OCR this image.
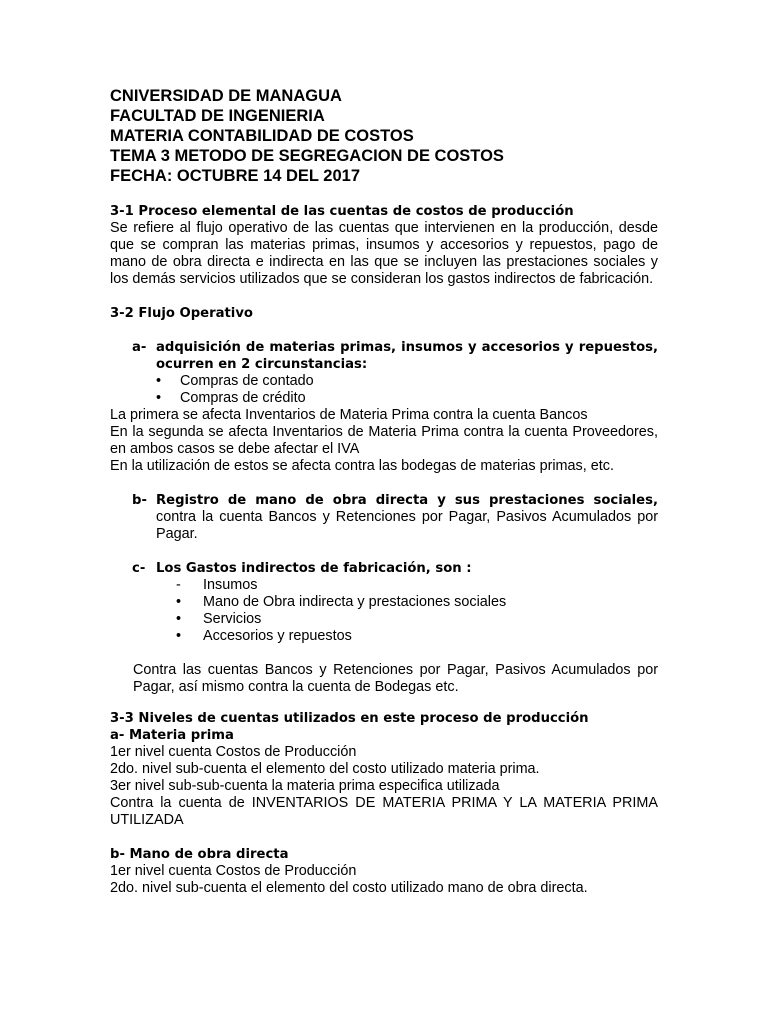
CNIVERSIDAD DE MANAGUA
FACULTAD DE INGENIERIA
MATERIA CONTABILIDAD DE COSTOS
TEMA 3 METODO DE SEGREGACION DE COSTOS
FECHA: OCTUBRE 14 DEL 2017
3-1 Proceso elemental de las cuentas de costos de producción
Se refiere al flujo operativo de las cuentas que intervienen en la producción, desde que se compran las materias primas, insumos y accesorios y repuestos, pago de mano de obra directa e indirecta en las que se incluyen las prestaciones sociales y los demás servicios utilizados que se consideran los gastos indirectos de fabricación.
3-2 Flujo Operativo
a- adquisición de materias primas, insumos y accesorios y repuestos, ocurren en 2 circunstancias:
• Compras de contado
• Compras de crédito
La primera se afecta Inventarios de Materia Prima contra la cuenta Bancos
En la segunda se afecta Inventarios de Materia Prima contra la cuenta Proveedores, en ambos casos se debe afectar el IVA
En la utilización de estos se afecta contra las bodegas de materias primas, etc.
b- Registro de mano de obra directa y sus prestaciones sociales, contra la cuenta Bancos y Retenciones por Pagar, Pasivos Acumulados por Pagar.
c- Los Gastos indirectos de fabricación, son :
- Insumos
• Mano de Obra indirecta y prestaciones sociales
• Servicios
• Accesorios y repuestos
Contra las cuentas Bancos y Retenciones por Pagar, Pasivos Acumulados por Pagar, así mismo contra la cuenta de Bodegas etc.
3-3 Niveles de cuentas utilizados en este proceso de producción
a- Materia prima
1er nivel cuenta Costos de Producción
2do. nivel sub-cuenta el elemento del costo utilizado materia prima.
3er nivel sub-sub-cuenta la materia prima especifica utilizada
Contra la cuenta de INVENTARIOS DE MATERIA PRIMA Y LA MATERIA PRIMA UTILIZADA
b- Mano de obra directa
1er nivel cuenta Costos de Producción
2do. nivel sub-cuenta el elemento del costo utilizado mano de obra directa.
